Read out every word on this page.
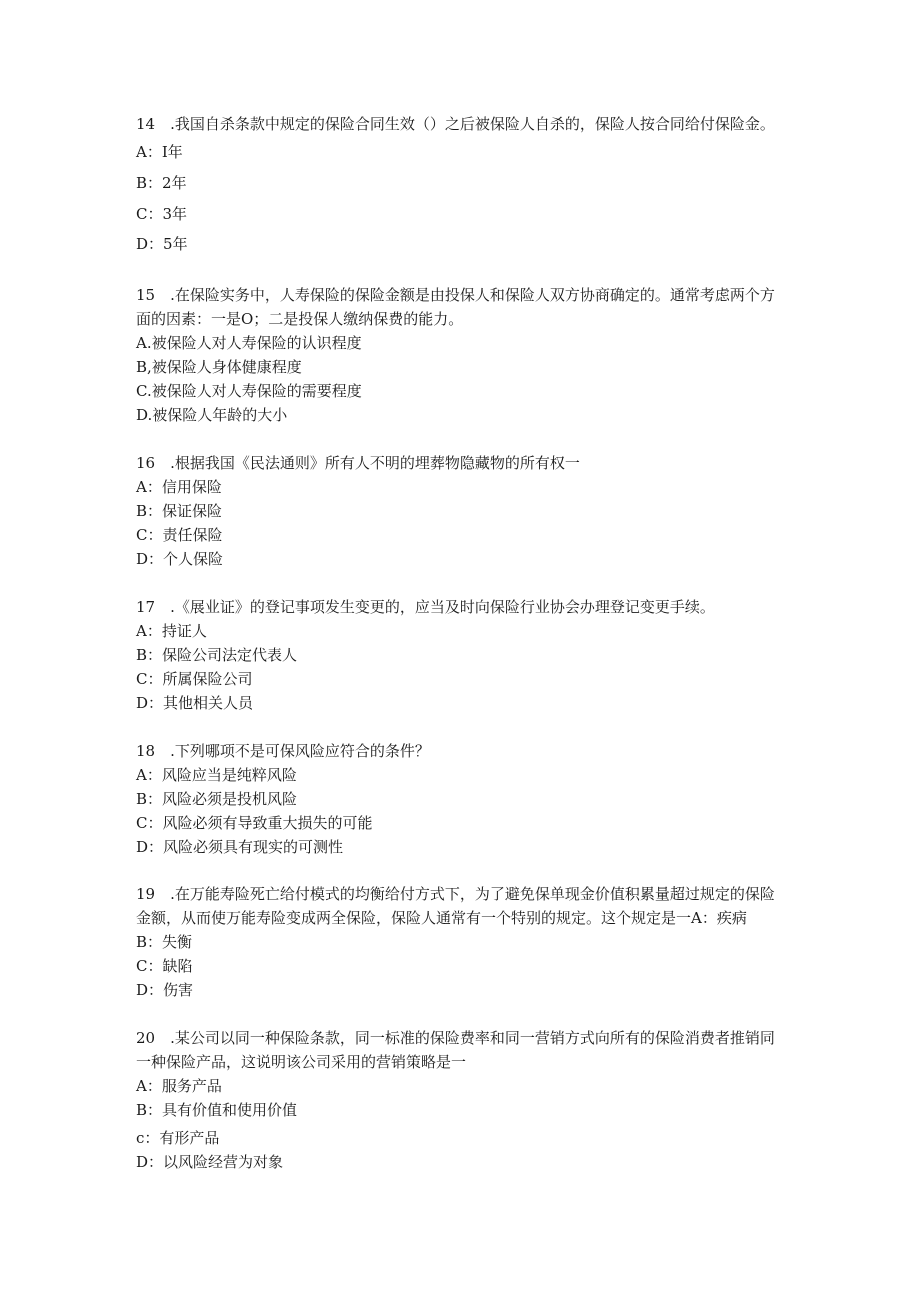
14　.我国自杀条款中规定的保险合同生效（）之后被保险人自杀的，保险人按合同给付保险金。
A：I年
B：2年
C：3年
D：5年
15　.在保险实务中，人寿保险的保险金额是由投保人和保险人双方协商确定的。通常考虑两个方
面的因素：一是O；二是投保人缴纳保费的能力。
A.被保险人对人寿保险的认识程度
B,被保险人身体健康程度
C.被保险人对人寿保险的需要程度
D.被保险人年龄的大小
16　.根据我国《民法通则》所有人不明的埋葬物隐藏物的所有权一
A：信用保险
B：保证保险
C：责任保险
D：个人保险
17　.《展业证》的登记事项发生变更的，应当及时向保险行业协会办理登记变更手续。
A：持证人
B：保险公司法定代表人
C：所属保险公司
D：其他相关人员
18　.下列哪项不是可保风险应符合的条件？
A：风险应当是纯粹风险
B：风险必须是投机风险
C：风险必须有导致重大损失的可能
D：风险必须具有现实的可测性
19　.在万能寿险死亡给付模式的均衡给付方式下，为了避免保单现金价值积累量超过规定的保险
金额，从而使万能寿险变成两全保险，保险人通常有一个特别的规定。这个规定是一A：疾病
B：失衡
C：缺陷
D：伤害
20　.某公司以同一种保险条款，同一标准的保险费率和同一营销方式向所有的保险消费者推销同
一种保险产品，这说明该公司采用的营销策略是一
A：服务产品
B：具有价值和使用价值
c：有形产品
D：以风险经营为对象
